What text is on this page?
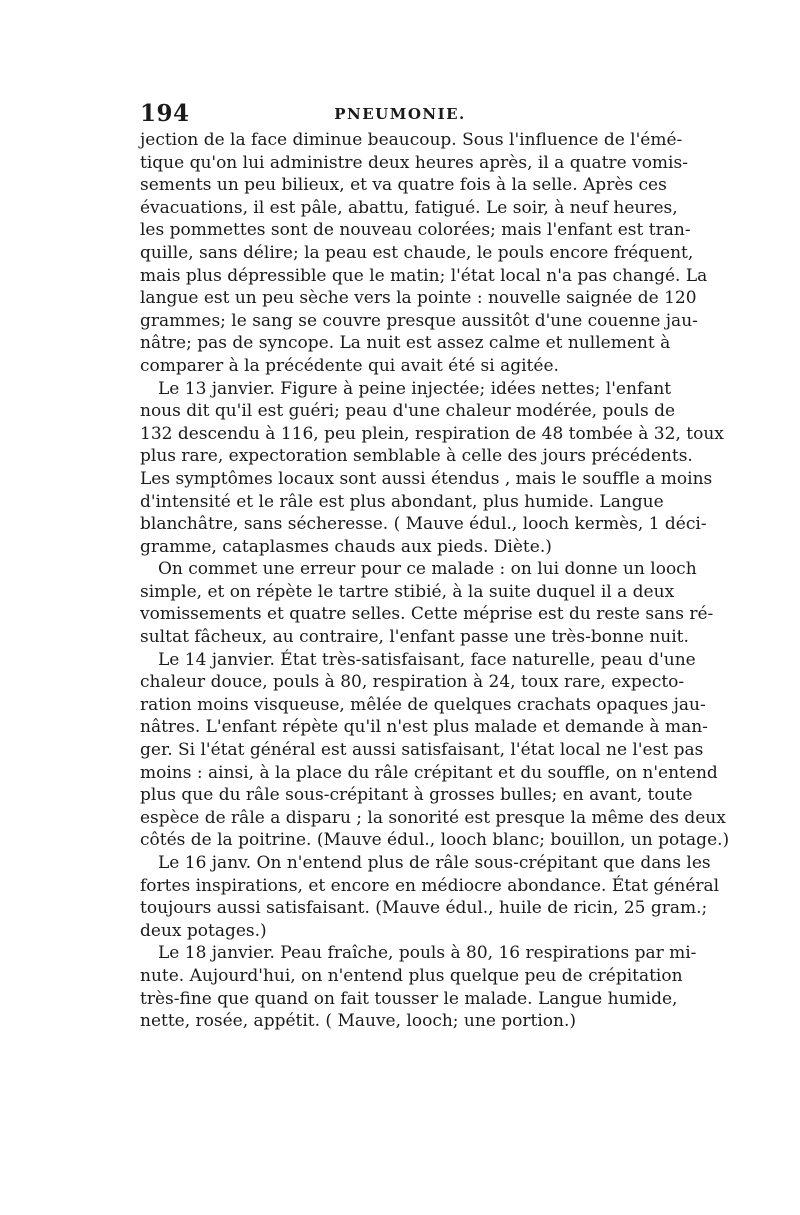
194	PNEUMONIE.
jection de la face diminue beaucoup. Sous l'influence de l'émé-
tique qu'on lui administre deux heures après, il a quatre vomis-
sements un peu bilieux, et va quatre fois à la selle. Après ces
évacuations, il est pâle, abattu, fatigué. Le soir, à neuf heures,
les pommettes sont de nouveau colorées; mais l'enfant est tran-
quille, sans délire; la peau est chaude, le pouls encore fréquent,
mais plus dépressible que le matin; l'état local n'a pas changé. La
langue est un peu sèche vers la pointe : nouvelle saignée de 120
grammes; le sang se couvre presque aussitôt d'une couenne jau-
nâtre; pas de syncope. La nuit est assez calme et nullement à
comparer à la précédente qui avait été si agitée.
Le 13 janvier. Figure à peine injectée; idées nettes; l'enfant
nous dit qu'il est guéri; peau d'une chaleur modérée, pouls de
132 descendu à 116, peu plein, respiration de 48 tombée à 32, toux
plus rare, expectoration semblable à celle des jours précédents.
Les symptômes locaux sont aussi étendus , mais le souffle a moins
d'intensité et le râle est plus abondant, plus humide. Langue
blanchâtre, sans sécheresse. ( Mauve édul., looch kermès, 1 déci-
gramme, cataplasmes chauds aux pieds. Diète.)
On commet une erreur pour ce malade : on lui donne un looch
simple, et on répète le tartre stibié, à la suite duquel il a deux
vomissements et quatre selles. Cette méprise est du reste sans ré-
sultat fâcheux, au contraire, l'enfant passe une très-bonne nuit.
Le 14 janvier. État très-satisfaisant, face naturelle, peau d'une
chaleur douce, pouls à 80, respiration à 24, toux rare, expecto-
ration moins visqueuse, mêlée de quelques crachats opaques jau-
nâtres. L'enfant répète qu'il n'est plus malade et demande à man-
ger. Si l'état général est aussi satisfaisant, l'état local ne l'est pas
moins : ainsi, à la place du râle crépitant et du souffle, on n'entend
plus que du râle sous-crépitant à grosses bulles; en avant, toute
espèce de râle a disparu ; la sonorité est presque la même des deux
côtés de la poitrine. (Mauve édul., looch blanc; bouillon, un potage.)
Le 16 janv. On n'entend plus de râle sous-crépitant que dans les
fortes inspirations, et encore en médiocre abondance. État général
toujours aussi satisfaisant. (Mauve édul., huile de ricin, 25 gram.;
deux potages.)
Le 18 janvier. Peau fraîche, pouls à 80, 16 respirations par mi-
nute. Aujourd'hui, on n'entend plus quelque peu de crépitation
très-fine que quand on fait tousser le malade. Langue humide,
nette, rosée, appétit. ( Mauve, looch; une portion.)
